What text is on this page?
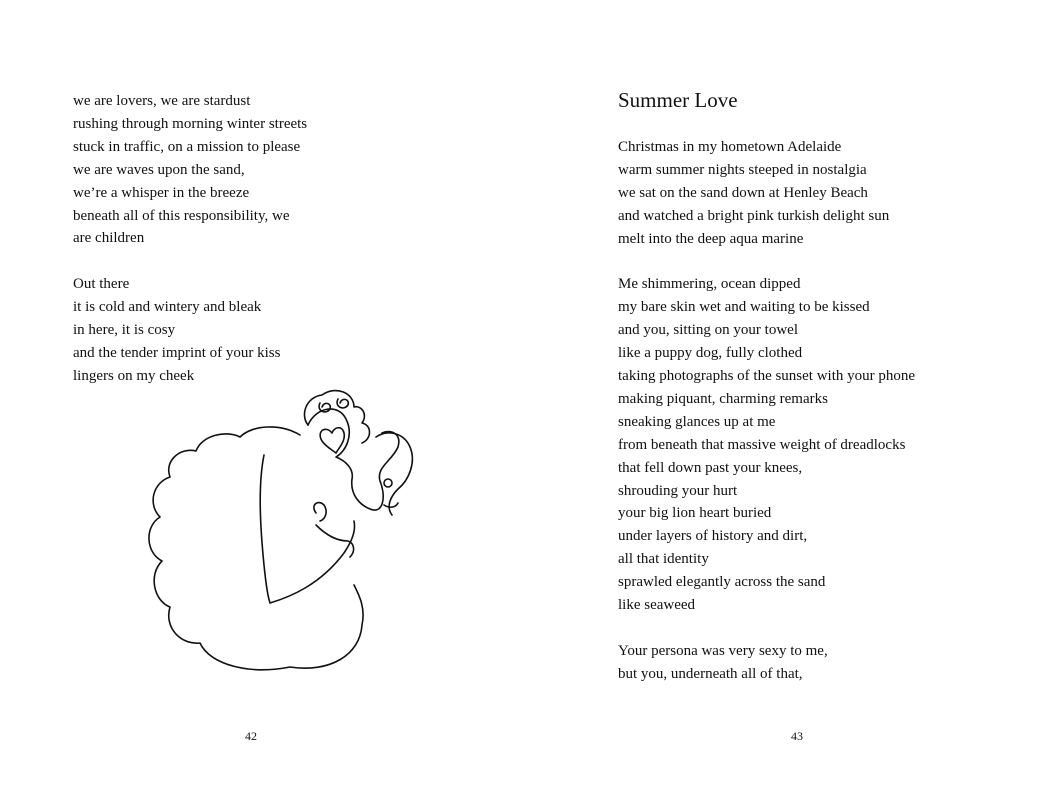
we are lovers, we are stardust
rushing through morning winter streets
stuck in traffic, on a mission to please
we are waves upon the sand,
we’re a whisper in the breeze
beneath all of this responsibility, we
are children
Out there
it is cold and wintery and bleak
in here, it is cosy
and the tender imprint of your kiss
lingers on my cheek
42
Summer Love
Christmas in my hometown Adelaide
warm summer nights steeped in nostalgia
we sat on the sand down at Henley Beach
and watched a bright pink turkish delight sun
melt into the deep aqua marine
Me shimmering, ocean dipped
my bare skin wet and waiting to be kissed
and you, sitting on your towel
like a puppy dog, fully clothed
taking photographs of the sunset with your phone
making piquant, charming remarks
sneaking glances up at me
from beneath that massive weight of dreadlocks
that fell down past your knees,
shrouding your hurt
your big lion heart buried
under layers of history and dirt,
all that identity
sprawled elegantly across the sand
like seaweed
Your persona was very sexy to me,
but you, underneath all of that,
43
